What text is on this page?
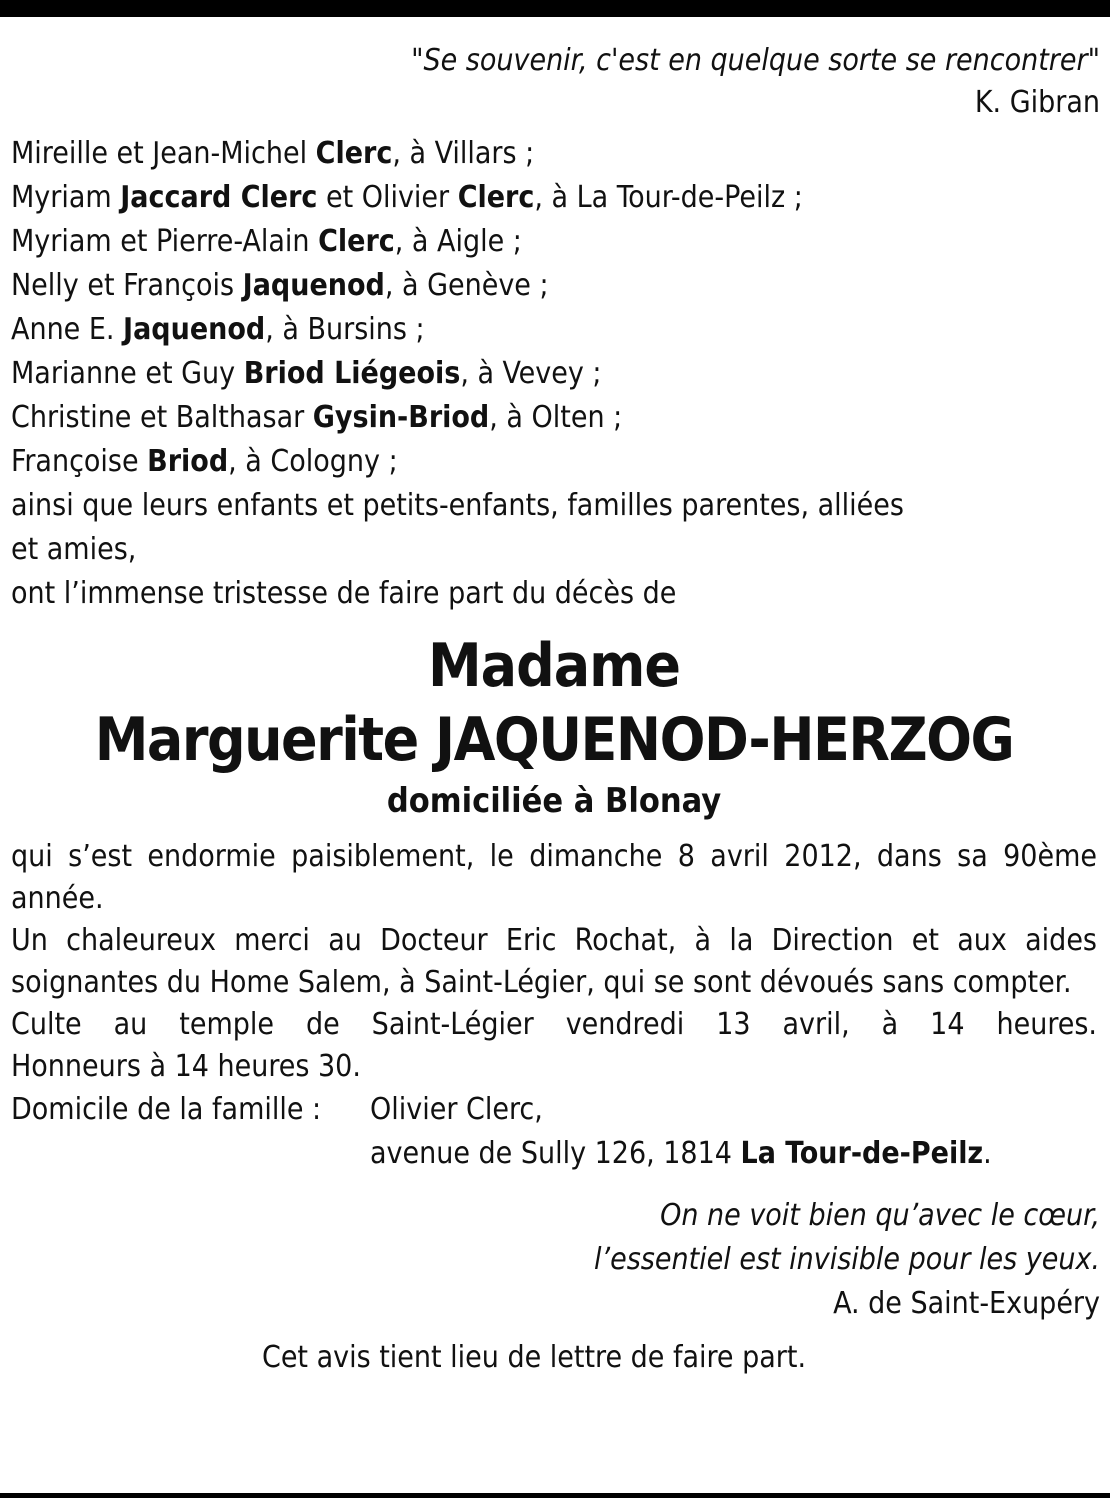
"Se souvenir, c'est en quelque sorte se rencontrer"
K. Gibran
Mireille et Jean-Michel Clerc, à Villars ;
Myriam Jaccard Clerc et Olivier Clerc, à La Tour-de-Peilz ;
Myriam et Pierre-Alain Clerc, à Aigle ;
Nelly et François Jaquenod, à Genève ;
Anne E. Jaquenod, à Bursins ;
Marianne et Guy Briod Liégeois, à Vevey ;
Christine et Balthasar Gysin-Briod, à Olten ;
Françoise Briod, à Cologny ;
ainsi que leurs enfants et petits-enfants, familles parentes, alliées
et amies,
ont l’immense tristesse de faire part du décès de
Madame
Marguerite JAQUENOD-HERZOG
domiciliée à Blonay
qui s’est endormie paisiblement, le dimanche 8 avril 2012, dans sa 90ème année.
Un chaleureux merci au Docteur Eric Rochat, à la Direction et aux aides soignantes du Home Salem, à Saint-Légier, qui se sont dévoués sans compter.
Culte au temple de Saint-Légier vendredi 13 avril, à 14 heures.
Honneurs à 14 heures 30.
Domicile de la famille :	Olivier Clerc,
avenue de Sully 126, 1814 La Tour-de-Peilz.
On ne voit bien qu’avec le cœur,
l’essentiel est invisible pour les yeux.
A. de Saint-Exupéry
Cet avis tient lieu de lettre de faire part.
